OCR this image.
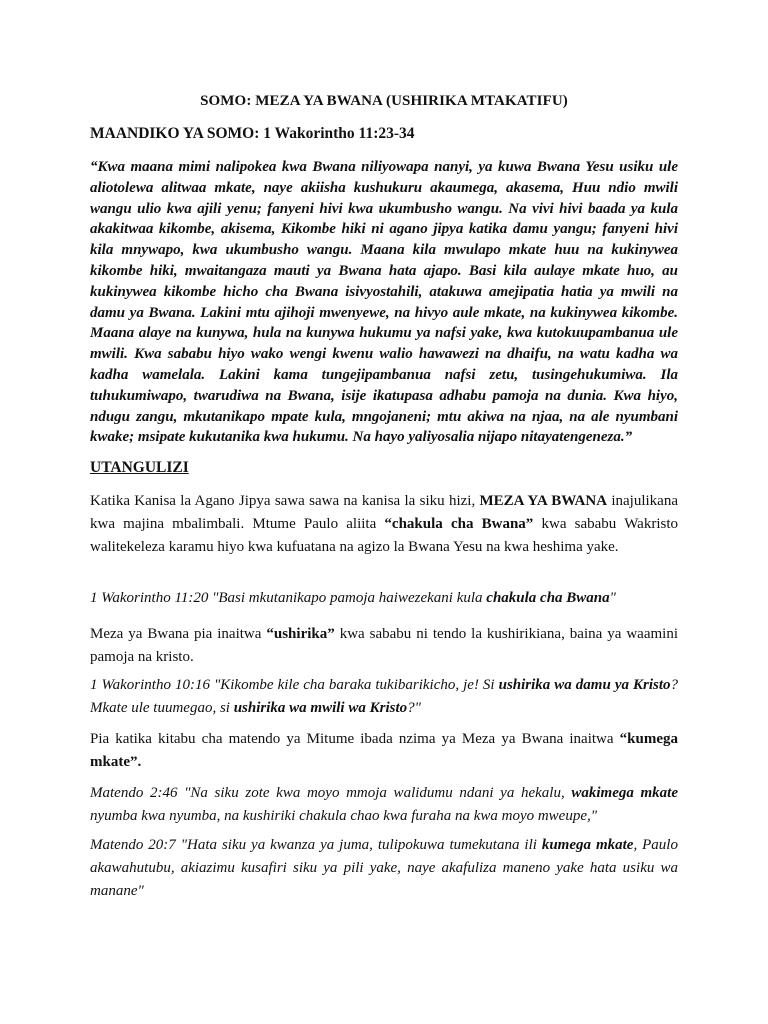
SOMO: MEZA YA BWANA (USHIRIKA MTAKATIFU)
MAANDIKO YA SOMO: 1 Wakorintho 11:23-34
“Kwa maana mimi nalipokea kwa Bwana niliyowapa nanyi, ya kuwa Bwana Yesu usiku ule aliotolewa alitwaa mkate, naye akiisha kushukuru akaumega, akasema, Huu ndio mwili wangu ulio kwa ajili yenu; fanyeni hivi kwa ukumbusho wangu. Na vivi hivi baada ya kula akakitwaa kikombe, akisema, Kikombe hiki ni agano jipya katika damu yangu; fanyeni hivi kila mnywapo, kwa ukumbusho wangu. Maana kila mwulapo mkate huu na kukinywea kikombe hiki, mwaitangaza mauti ya Bwana hata ajapo. Basi kila aulaye mkate huo, au kukinywea kikombe hicho cha Bwana isivyostahili, atakuwa amejipatia hatia ya mwili na damu ya Bwana. Lakini mtu ajihoji mwenyewe, na hivyo aule mkate, na kukinywea kikombe. Maana alaye na kunywa, hula na kunywa hukumu ya nafsi yake, kwa kutokuupambanua ule mwili. Kwa sababu hiyo wako wengi kwenu walio hawawezi na dhaifu, na watu kadha wa kadha wamelala. Lakini kama tungejipambanua nafsi zetu, tusingehukumiwa. Ila tuhukumiwapo, twarudiwa na Bwana, isije ikatupasa adhabu pamoja na dunia. Kwa hiyo, ndugu zangu, mkutanikapo mpate kula, mngojaneni; mtu akiwa na njaa, na ale nyumbani kwake; msipate kukutanika kwa hukumu. Na hayo yaliyosalia nijapo nitayatengeneza.”
UTANGULIZI
Katika Kanisa la Agano Jipya sawa sawa na kanisa la siku hizi, MEZA YA BWANA inajulikana kwa majina mbalimbali. Mtume Paulo aliita “chakula cha Bwana” kwa sababu Wakristo walitekeleza karamu hiyo kwa kufuatana na agizo la Bwana Yesu na kwa heshima yake.
1 Wakorintho 11:20 ʺBasi mkutanikapo pamoja haiwezekani kula chakula cha Bwanaʺ
Meza ya Bwana pia inaitwa “ushirika” kwa sababu ni tendo la kushirikiana, baina ya waamini pamoja na kristo.
1 Wakorintho 10:16 ʺKikombe kile cha baraka tukibarikicho, je! Si ushirika wa damu ya Kristo? Mkate ule tuumegao, si ushirika wa mwili wa Kristo?ʺ
Pia katika kitabu cha matendo ya Mitume ibada nzima ya Meza ya Bwana inaitwa “kumega mkate”.
Matendo 2:46 ʺNa siku zote kwa moyo mmoja walidumu ndani ya hekalu, wakimega mkate nyumba kwa nyumba, na kushiriki chakula chao kwa furaha na kwa moyo mweupe,ʺ
Matendo 20:7 ʺHata siku ya kwanza ya juma, tulipokuwa tumekutana ili kumega mkate, Paulo akawahutubu, akiazimu kusafiri siku ya pili yake, naye akafuliza maneno yake hata usiku wa mananeʺ
